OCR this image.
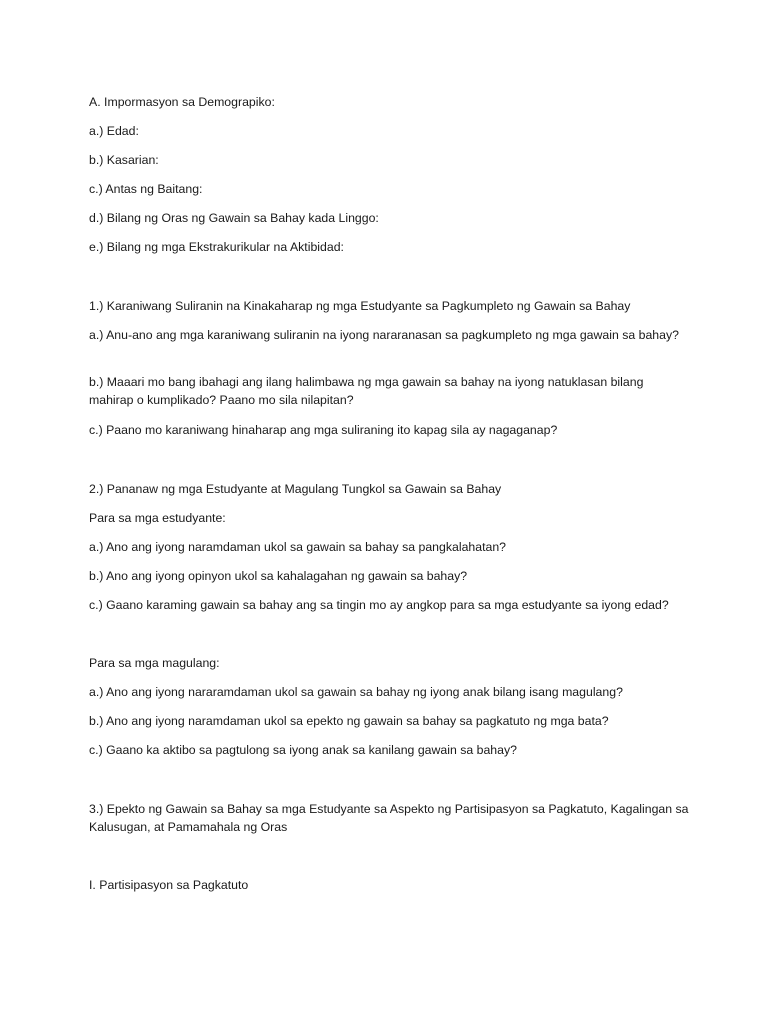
A. Impormasyon sa Demograpiko:

a.) Edad:

b.) Kasarian:

c.) Antas ng Baitang:

d.) Bilang ng Oras ng Gawain sa Bahay kada Linggo:

e.) Bilang ng mga Ekstrakurikular na Aktibidad:

1.) Karaniwang Suliranin na Kinakaharap ng mga Estudyante sa Pagkumpleto ng Gawain sa Bahay

a.) Anu-ano ang mga karaniwang suliranin na iyong nararanasan sa pagkumpleto ng mga gawain sa bahay?

b.) Maaari mo bang ibahagi ang ilang halimbawa ng mga gawain sa bahay na iyong natuklasan bilang mahirap o kumplikado? Paano mo sila nilapitan?

c.) Paano mo karaniwang hinaharap ang mga suliraning ito kapag sila ay nagaganap?

2.) Pananaw ng mga Estudyante at Magulang Tungkol sa Gawain sa Bahay

Para sa mga estudyante:

a.) Ano ang iyong naramdaman ukol sa gawain sa bahay sa pangkalahatan?

b.) Ano ang iyong opinyon ukol sa kahalagahan ng gawain sa bahay?

c.) Gaano karaming gawain sa bahay ang sa tingin mo ay angkop para sa mga estudyante sa iyong edad?

Para sa mga magulang:

a.) Ano ang iyong nararamdaman ukol sa gawain sa bahay ng iyong anak bilang isang magulang?

b.) Ano ang iyong naramdaman ukol sa epekto ng gawain sa bahay sa pagkatuto ng mga bata?

c.) Gaano ka aktibo sa pagtulong sa iyong anak sa kanilang gawain sa bahay?

3.) Epekto ng Gawain sa Bahay sa mga Estudyante sa Aspekto ng Partisipasyon sa Pagkatuto, Kagalingan sa Kalusugan, at Pamamahala ng Oras

I. Partisipasyon sa Pagkatuto
